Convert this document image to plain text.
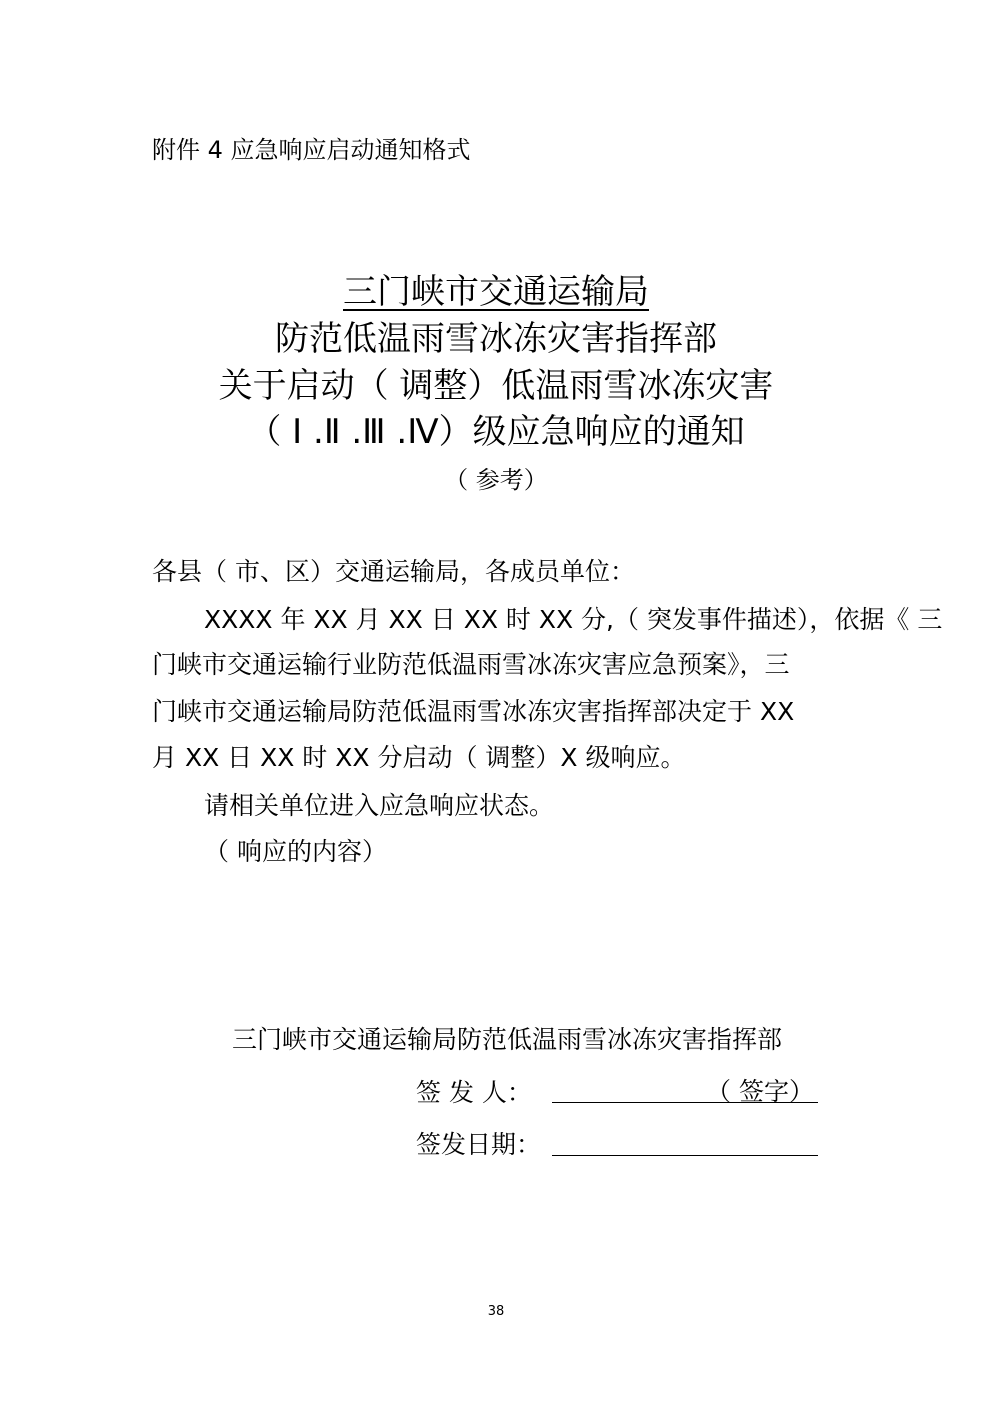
附件 4 应急响应启动通知格式
三门峡市交通运输局
防范低温雨雪冰冻灾害指挥部
关于启动（ 调整）低温雨雪冰冻灾害
（ Ⅰ .Ⅱ .Ⅲ .Ⅳ）级应急响应的通知
（ 参考）
各县（ 市、区）交通运输局，各成员单位：
XXXX 年 XX 月 XX 日 XX 时 XX 分,（ 突发事件描述），依据《 三
门峡市交通运输行业防范低温雨雪冰冻灾害应急预案》，三
门峡市交通运输局防范低温雨雪冰冻灾害指挥部决定于 XX
月 XX 日 XX 时 XX 分启动（ 调整）X 级响应。
请相关单位进入应急响应状态。
（ 响应的内容）
三门峡市交通运输局防范低温雨雪冰冻灾害指挥部
签 发 人：	（ 签字）
签发日期：
38
